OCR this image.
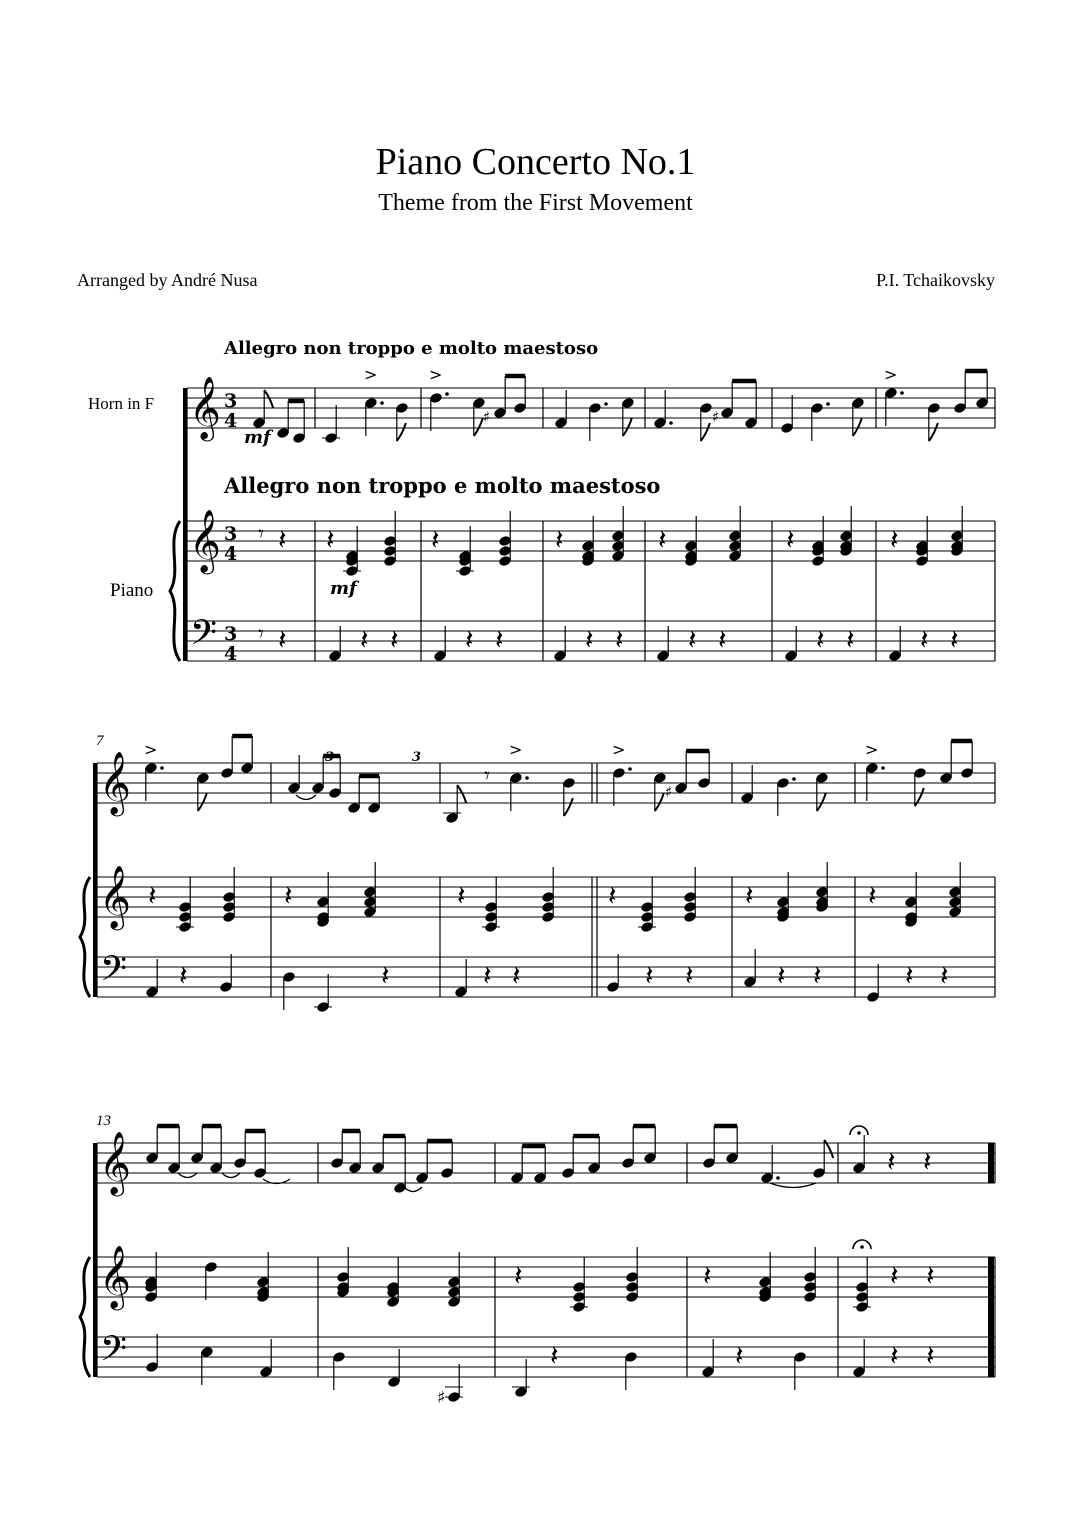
Piano Concerto No.1
Theme from the First Movement
Arranged by André Nusa	P.I. Tchaikovsky
Allegro non troppo e molto maestoso
Allegro non troppo e molto maestoso
Horn in F
Piano
7
13
𝄞
𝄞
𝄢
3
4
3
4
3
4
mf
>	>
♯	♯
>
𝄾 𝄽
𝄾 𝄽
𝄽	𝄽	𝄽	𝄽	𝄽	𝄽
mf
𝄽 𝄽 𝄽 𝄽	𝄽 𝄽 𝄽 𝄽	𝄽 𝄽 𝄽 𝄽
𝄞
𝄞
𝄢
>	3	3
𝄾
>	>
♯
>
𝄽	𝄽	𝄽	𝄽	𝄽	𝄽
𝄽	𝄽	𝄽 𝄽	𝄽 𝄽	𝄽 𝄽	𝄽 𝄽
𝄞
𝄞
𝄢
𝄽 𝄽
𝄽	𝄽	𝄽 𝄽
♯
𝄽	𝄽	𝄽 𝄽
